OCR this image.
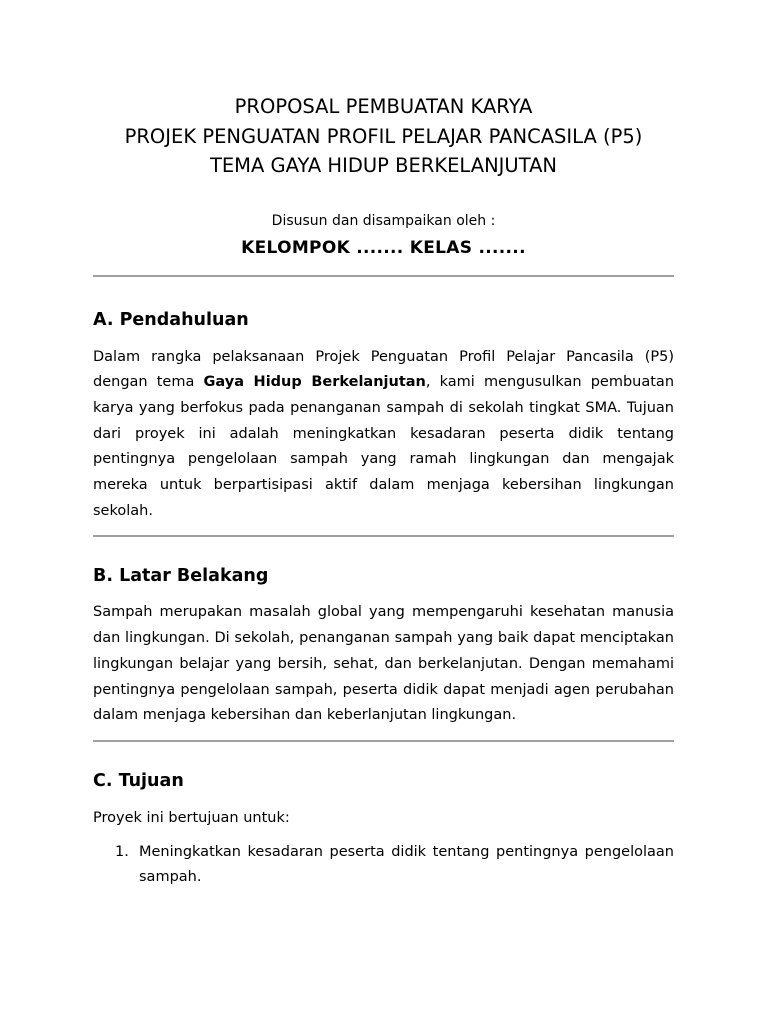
PROPOSAL PEMBUATAN KARYA
PROJEK PENGUATAN PROFIL PELAJAR PANCASILA (P5)
TEMA GAYA HIDUP BERKELANJUTAN
Disusun dan disampaikan oleh :
KELOMPOK ....... KELAS .......
A. Pendahuluan

Dalam rangka pelaksanaan Projek Penguatan Profil Pelajar Pancasila (P5) dengan tema Gaya Hidup Berkelanjutan, kami mengusulkan pembuatan karya yang berfokus pada penanganan sampah di sekolah tingkat SMA. Tujuan dari proyek ini adalah meningkatkan kesadaran peserta didik tentang pentingnya pengelolaan sampah yang ramah lingkungan dan mengajak mereka untuk berpartisipasi aktif dalam menjaga kebersihan lingkungan sekolah.

B. Latar Belakang

Sampah merupakan masalah global yang mempengaruhi kesehatan manusia dan lingkungan. Di sekolah, penanganan sampah yang baik dapat menciptakan lingkungan belajar yang bersih, sehat, dan berkelanjutan. Dengan memahami pentingnya pengelolaan sampah, peserta didik dapat menjadi agen perubahan dalam menjaga kebersihan dan keberlanjutan lingkungan.

C. Tujuan

Proyek ini bertujuan untuk:

1. Meningkatkan kesadaran peserta didik tentang pentingnya pengelolaan sampah.
